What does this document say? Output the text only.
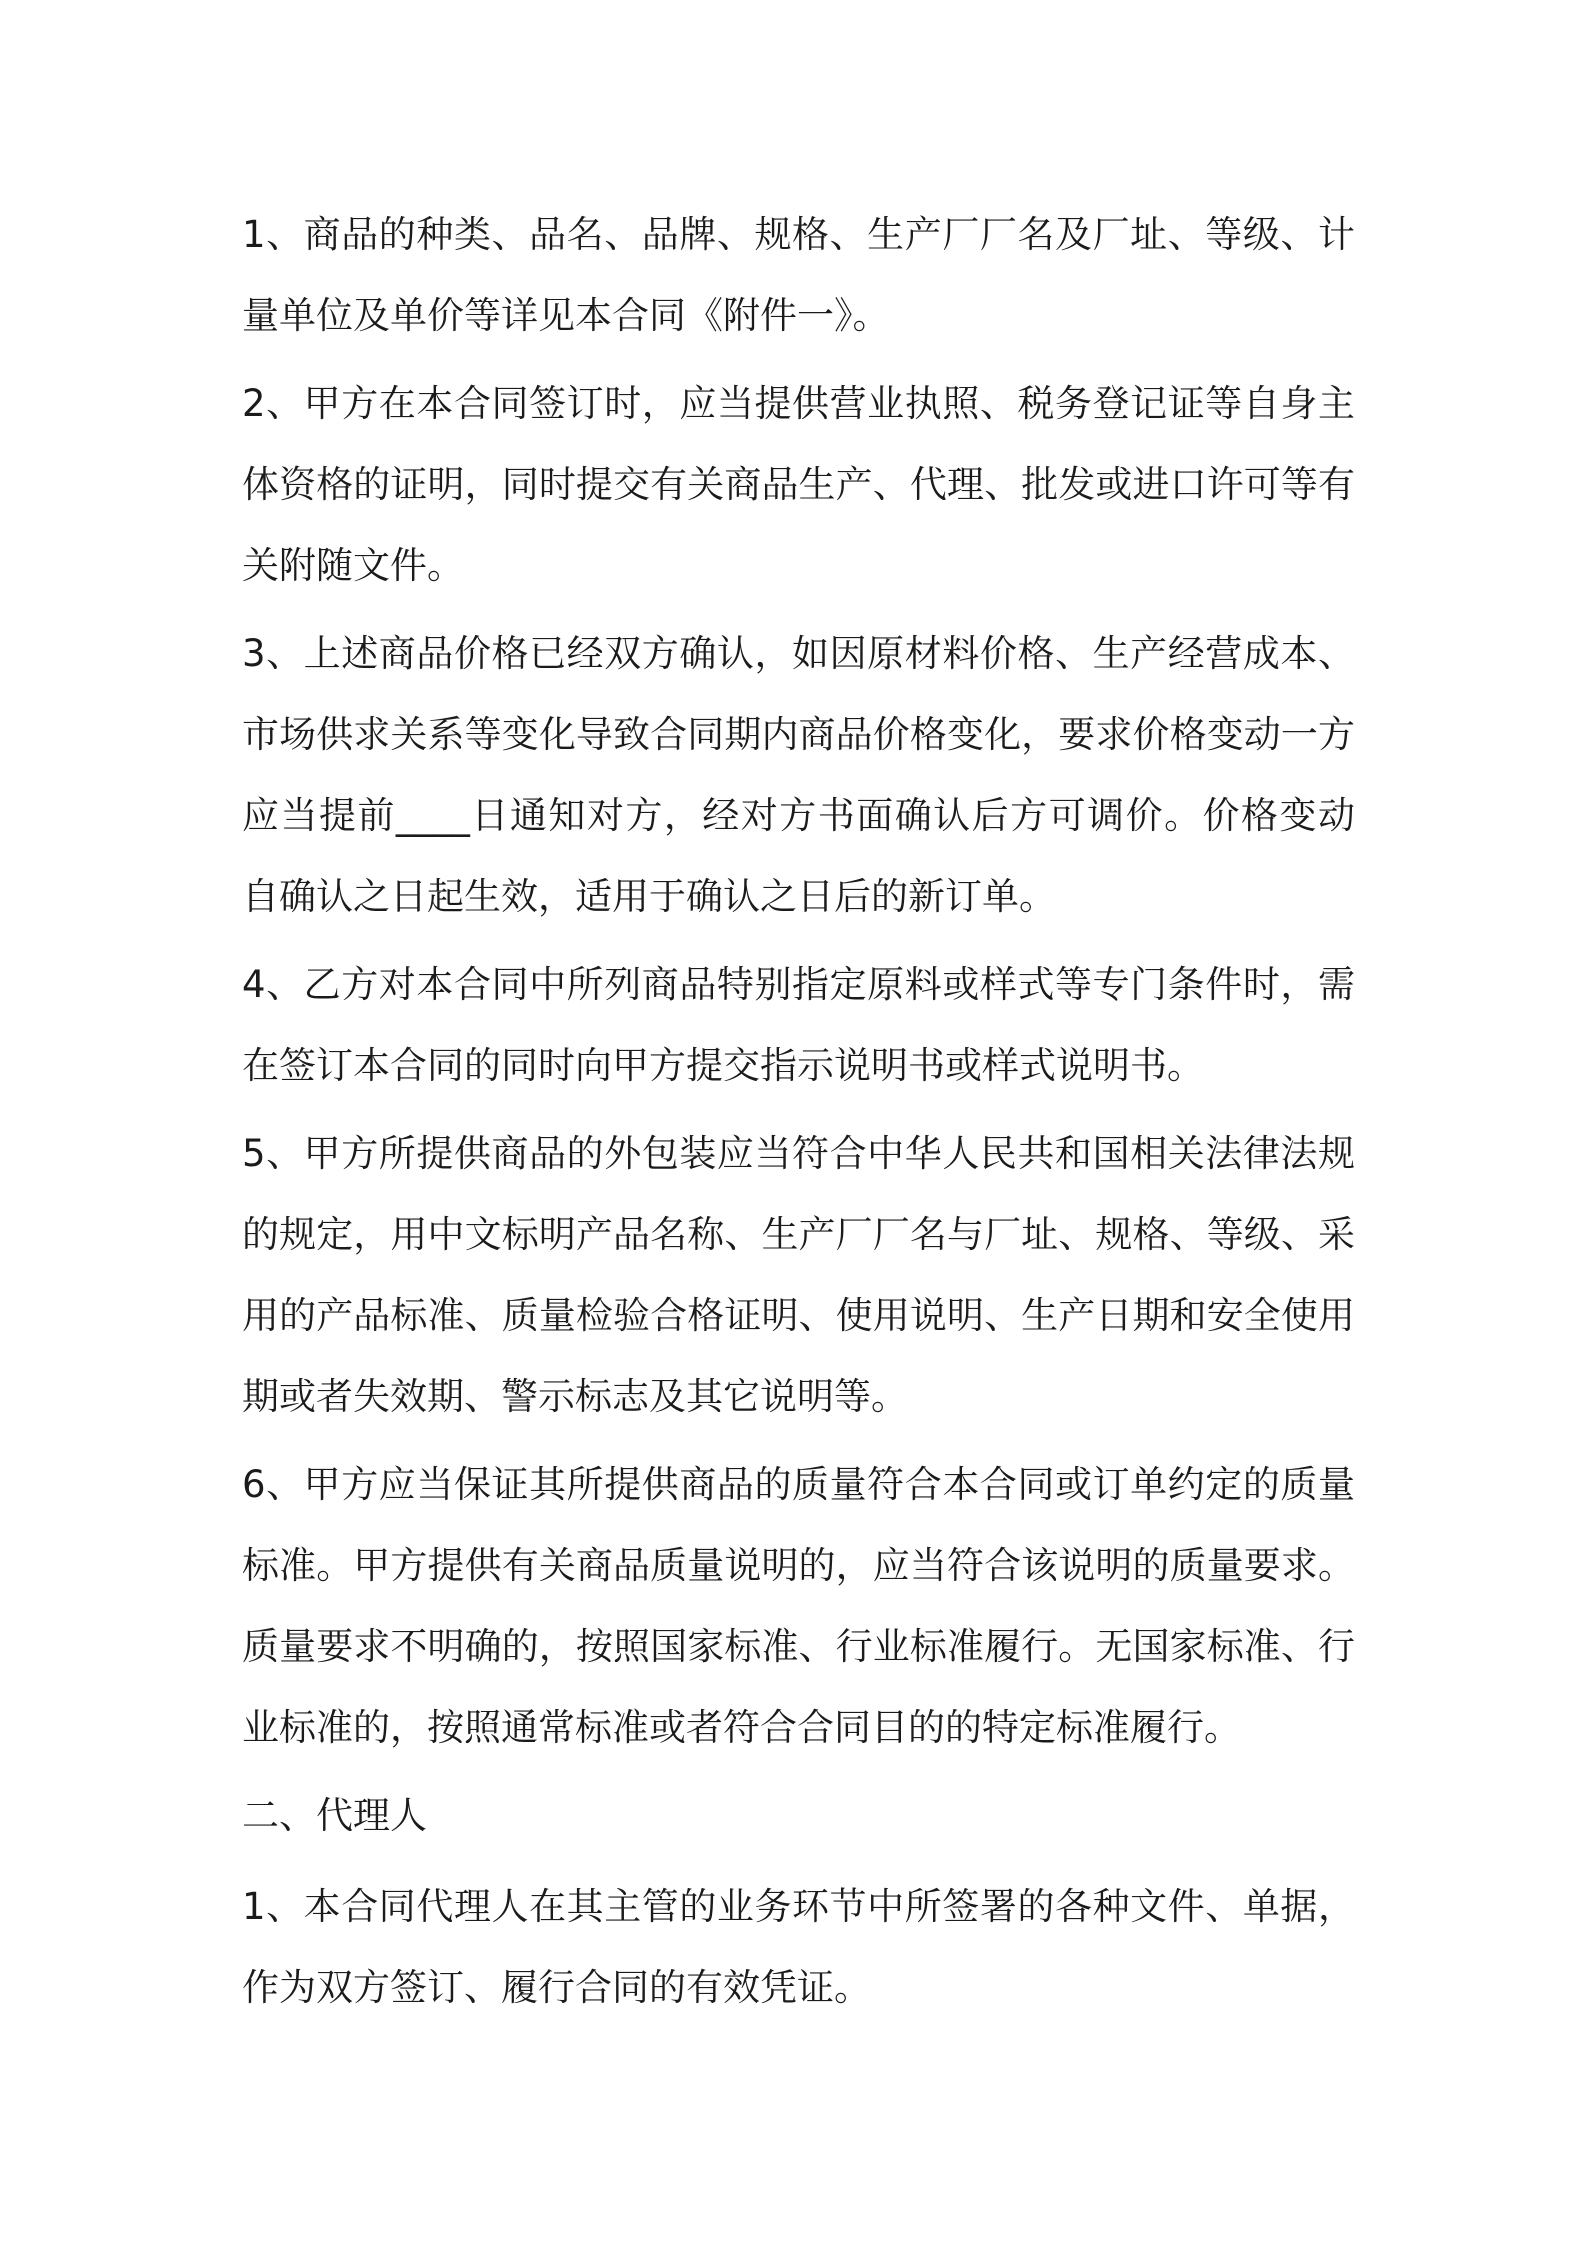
1、商品的种类、品名、品牌、规格、生产厂厂名及厂址、等级、计
量单位及单价等详见本合同《附件一》。
2、甲方在本合同签订时，应当提供营业执照、税务登记证等自身主
体资格的证明，同时提交有关商品生产、代理、批发或进口许可等有
关附随文件。
3、上述商品价格已经双方确认，如因原材料价格、生产经营成本、
市场供求关系等变化导致合同期内商品价格变化，要求价格变动一方
应当提前____日通知对方，经对方书面确认后方可调价。价格变动
自确认之日起生效，适用于确认之日后的新订单。
4、乙方对本合同中所列商品特别指定原料或样式等专门条件时，需
在签订本合同的同时向甲方提交指示说明书或样式说明书。
5、甲方所提供商品的外包装应当符合中华人民共和国相关法律法规
的规定，用中文标明产品名称、生产厂厂名与厂址、规格、等级、采
用的产品标准、质量检验合格证明、使用说明、生产日期和安全使用
期或者失效期、警示标志及其它说明等。
6、甲方应当保证其所提供商品的质量符合本合同或订单约定的质量
标准。甲方提供有关商品质量说明的，应当符合该说明的质量要求。
质量要求不明确的，按照国家标准、行业标准履行。无国家标准、行
业标准的，按照通常标准或者符合合同目的的特定标准履行。
二、代理人
1、本合同代理人在其主管的业务环节中所签署的各种文件、单据，
作为双方签订、履行合同的有效凭证。
